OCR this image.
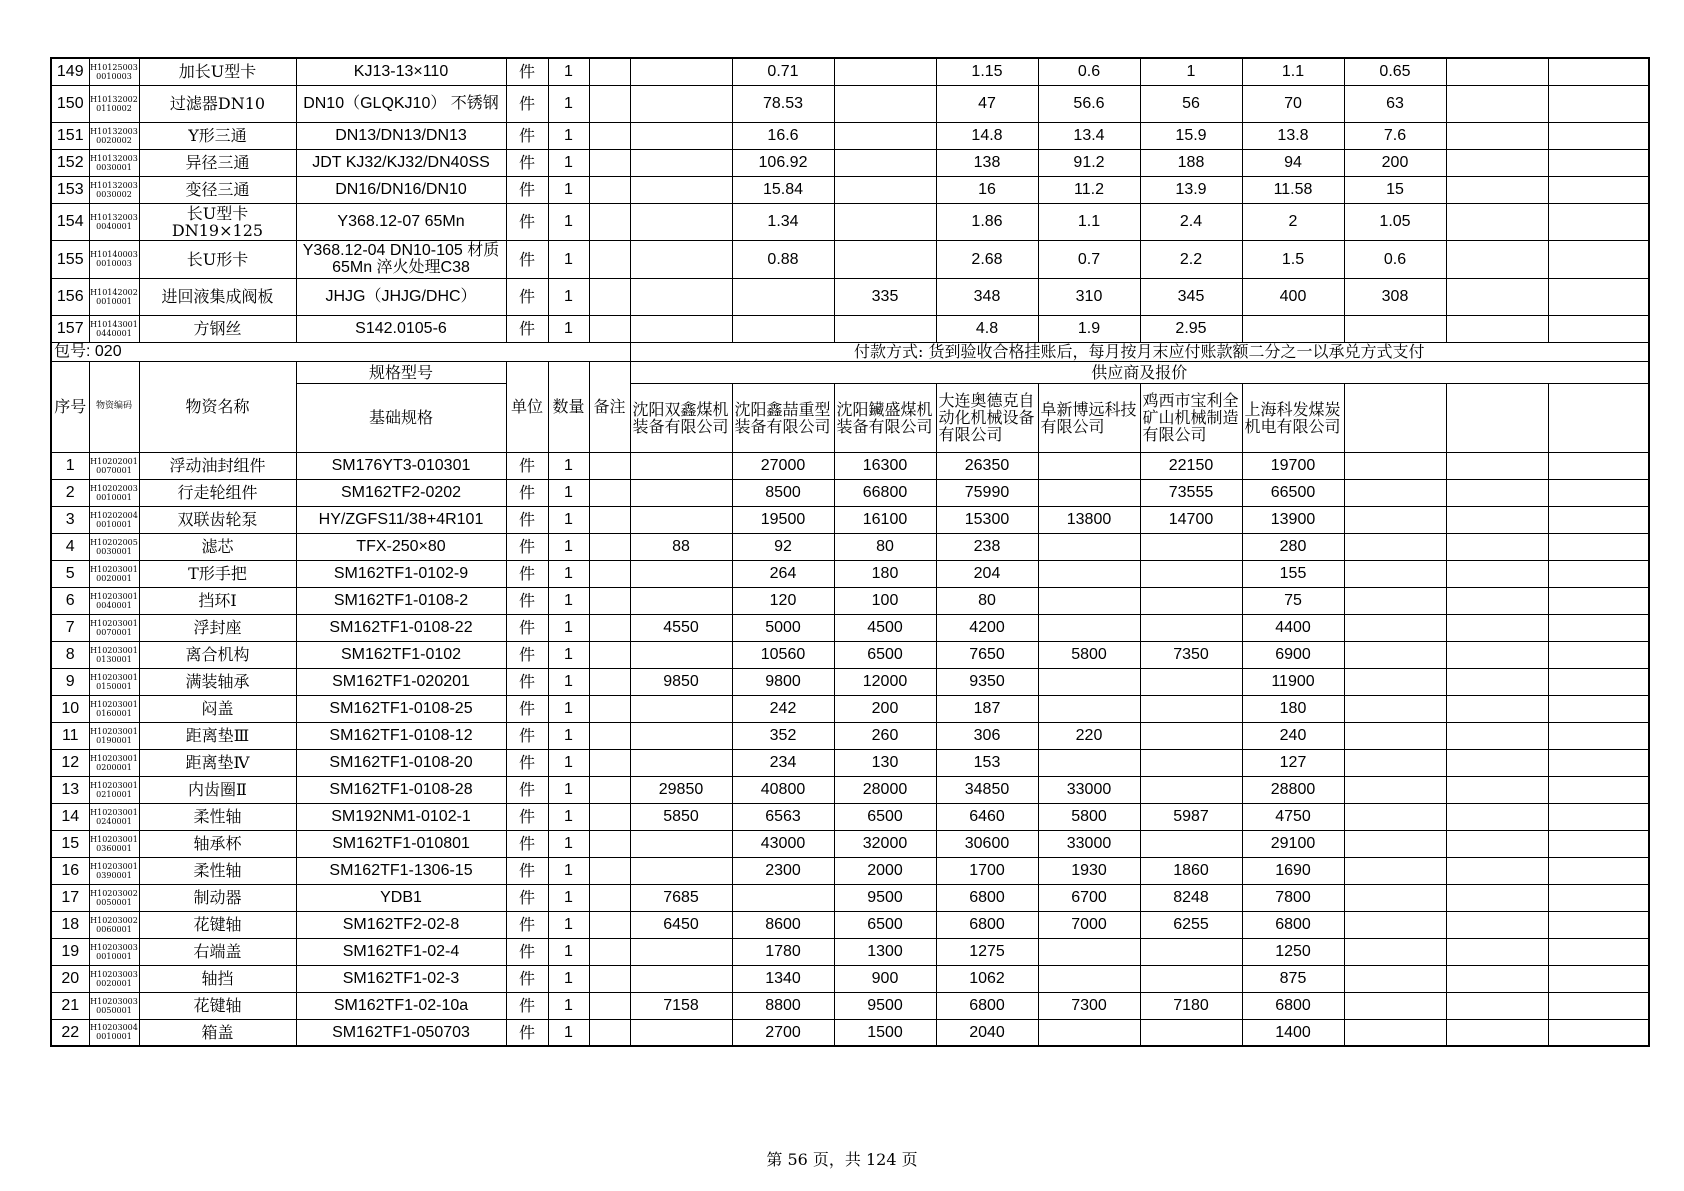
149	H10125003 0010003	加长U型卡	KJ13-13×110	件	1			0.71		1.15	0.6	1	1.1	0.65		
150	H10132002 0110002	过滤器DN10	DN10（GLQKJ10） 不锈钢	件	1			78.53		47	56.6	56	70	63		
151	H10132003 0020002	Y形三通	DN13/DN13/DN13	件	1			16.6		14.8	13.4	15.9	13.8	7.6		
152	H10132003 0030001	异径三通	JDT KJ32/KJ32/DN40SS	件	1			106.92		138	91.2	188	94	200		
153	H10132003 0030002	变径三通	DN16/DN16/DN10	件	1			15.84		16	11.2	13.9	11.58	15		
154	H10132003 0040001	长U型卡DN19×125	Y368.12-07 65Mn	件	1			1.34		1.86	1.1	2.4	2	1.05		
155	H10140003 0010003	长U形卡	Y368.12-04 DN10-105 材质65Mn 淬火处理C38	件	1			0.88		2.68	0.7	2.2	1.5	0.6		
156	H10142002 0010001	进回液集成阀板	JHJG（JHJG/DHC）	件	1				335	348	310	345	400	308		
157	H10143001 0440001	方钢丝	S142.0105-6	件	1					4.8	1.9	2.95				
包号: 020							付款方式: 货到验收合格挂账后，每月按月末应付账款额二分之一以承兑方式支付									
序号	物资编码	物资名称	规格型号	单位	数量	备注	供应商及报价									
			基础规格				沈阳双鑫煤机装备有限公司	沈阳鑫喆重型装备有限公司	沈阳鑶盛煤机装备有限公司	大连奥德克自动化机械设备有限公司	阜新博远科技有限公司	鸡西市宝利全矿山机械制造有限公司	上海科发煤炭机电有限公司			
1	H10202001 0070001	浮动油封组件	SM176YT3-010301	件	1			27000	16300	26350		22150	19700			
2	H10202003 0010001	行走轮组件	SM162TF2-0202	件	1			8500	66800	75990		73555	66500			
3	H10202004 0010001	双联齿轮泵	HY/ZGFS11/38+4R101	件	1			19500	16100	15300	13800	14700	13900			
4	H10202005 0030001	滤芯	TFX-250×80	件	1		88	92	80	238			280			
5	H10203001 0020001	T形手把	SM162TF1-0102-9	件	1			264	180	204			155			
6	H10203001 0040001	挡环Ⅰ	SM162TF1-0108-2	件	1			120	100	80			75			
7	H10203001 0070001	浮封座	SM162TF1-0108-22	件	1		4550	5000	4500	4200			4400			
8	H10203001 0130001	离合机构	SM162TF1-0102	件	1			10560	6500	7650	5800	7350	6900			
9	H10203001 0150001	满装轴承	SM162TF1-020201	件	1		9850	9800	12000	9350			11900			
10	H10203001 0160001	闷盖	SM162TF1-0108-25	件	1			242	200	187			180			
11	H10203001 0190001	距离垫Ⅲ	SM162TF1-0108-12	件	1			352	260	306	220		240			
12	H10203001 0200001	距离垫Ⅳ	SM162TF1-0108-20	件	1			234	130	153			127			
13	H10203001 0210001	内齿圈Ⅱ	SM162TF1-0108-28	件	1		29850	40800	28000	34850	33000		28800			
14	H10203001 0240001	柔性轴	SM192NM1-0102-1	件	1		5850	6563	6500	6460	5800	5987	4750			
15	H10203001 0360001	轴承杯	SM162TF1-010801	件	1			43000	32000	30600	33000		29100			
16	H10203001 0390001	柔性轴	SM162TF1-1306-15	件	1			2300	2000	1700	1930	1860	1690			
17	H10203002 0050001	制动器	YDB1	件	1		7685		9500	6800	6700	8248	7800			
18	H10203002 0060001	花键轴	SM162TF2-02-8	件	1		6450	8600	6500	6800	7000	6255	6800			
19	H10203003 0010001	右端盖	SM162TF1-02-4	件	1			1780	1300	1275			1250			
20	H10203003 0020001	轴挡	SM162TF1-02-3	件	1			1340	900	1062			875			
21	H10203003 0050001	花键轴	SM162TF1-02-10a	件	1		7158	8800	9500	6800	7300	7180	6800			
22	H10203004 0010001	箱盖	SM162TF1-050703	件	1			2700	1500	2040			1400			
第 56 页，共 124 页
